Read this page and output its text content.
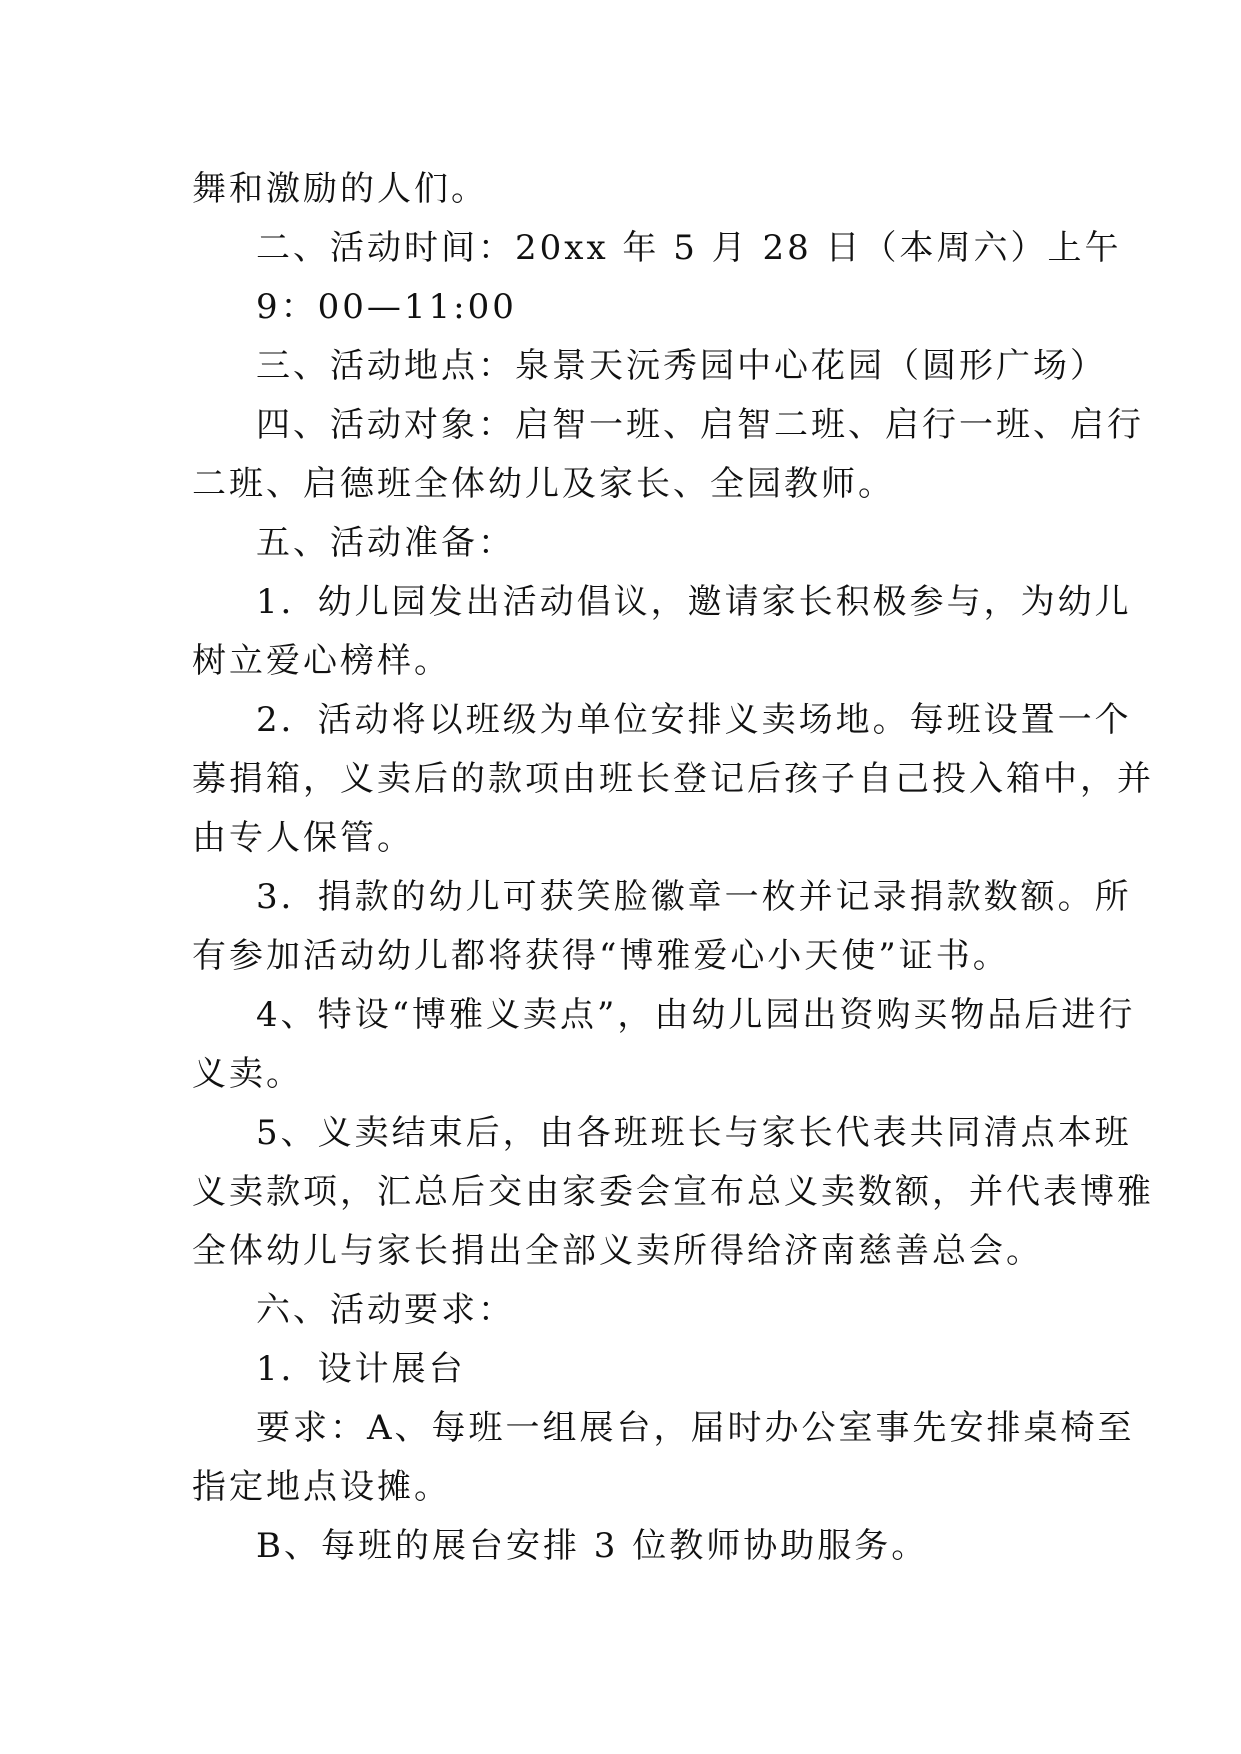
舞和激励的人们。
二、活动时间：20xx 年 5 月 28 日（本周六）上午
9：00—11:00
三、活动地点：泉景天沅秀园中心花园（圆形广场）
四、活动对象：启智一班、启智二班、启行一班、启行
二班、启德班全体幼儿及家长、全园教师。
五、活动准备：
1．幼儿园发出活动倡议，邀请家长积极参与，为幼儿
树立爱心榜样。
2．活动将以班级为单位安排义卖场地。每班设置一个
募捐箱，义卖后的款项由班长登记后孩子自己投入箱中，并
由专人保管。
3．捐款的幼儿可获笑脸徽章一枚并记录捐款数额。所
有参加活动幼儿都将获得“博雅爱心小天使”证书。
4、特设“博雅义卖点”，由幼儿园出资购买物品后进行
义卖。
5、义卖结束后，由各班班长与家长代表共同清点本班
义卖款项，汇总后交由家委会宣布总义卖数额，并代表博雅
全体幼儿与家长捐出全部义卖所得给济南慈善总会。
六、活动要求：
1．设计展台
要求：A、每班一组展台，届时办公室事先安排桌椅至
指定地点设摊。
B、每班的展台安排 3 位教师协助服务。
